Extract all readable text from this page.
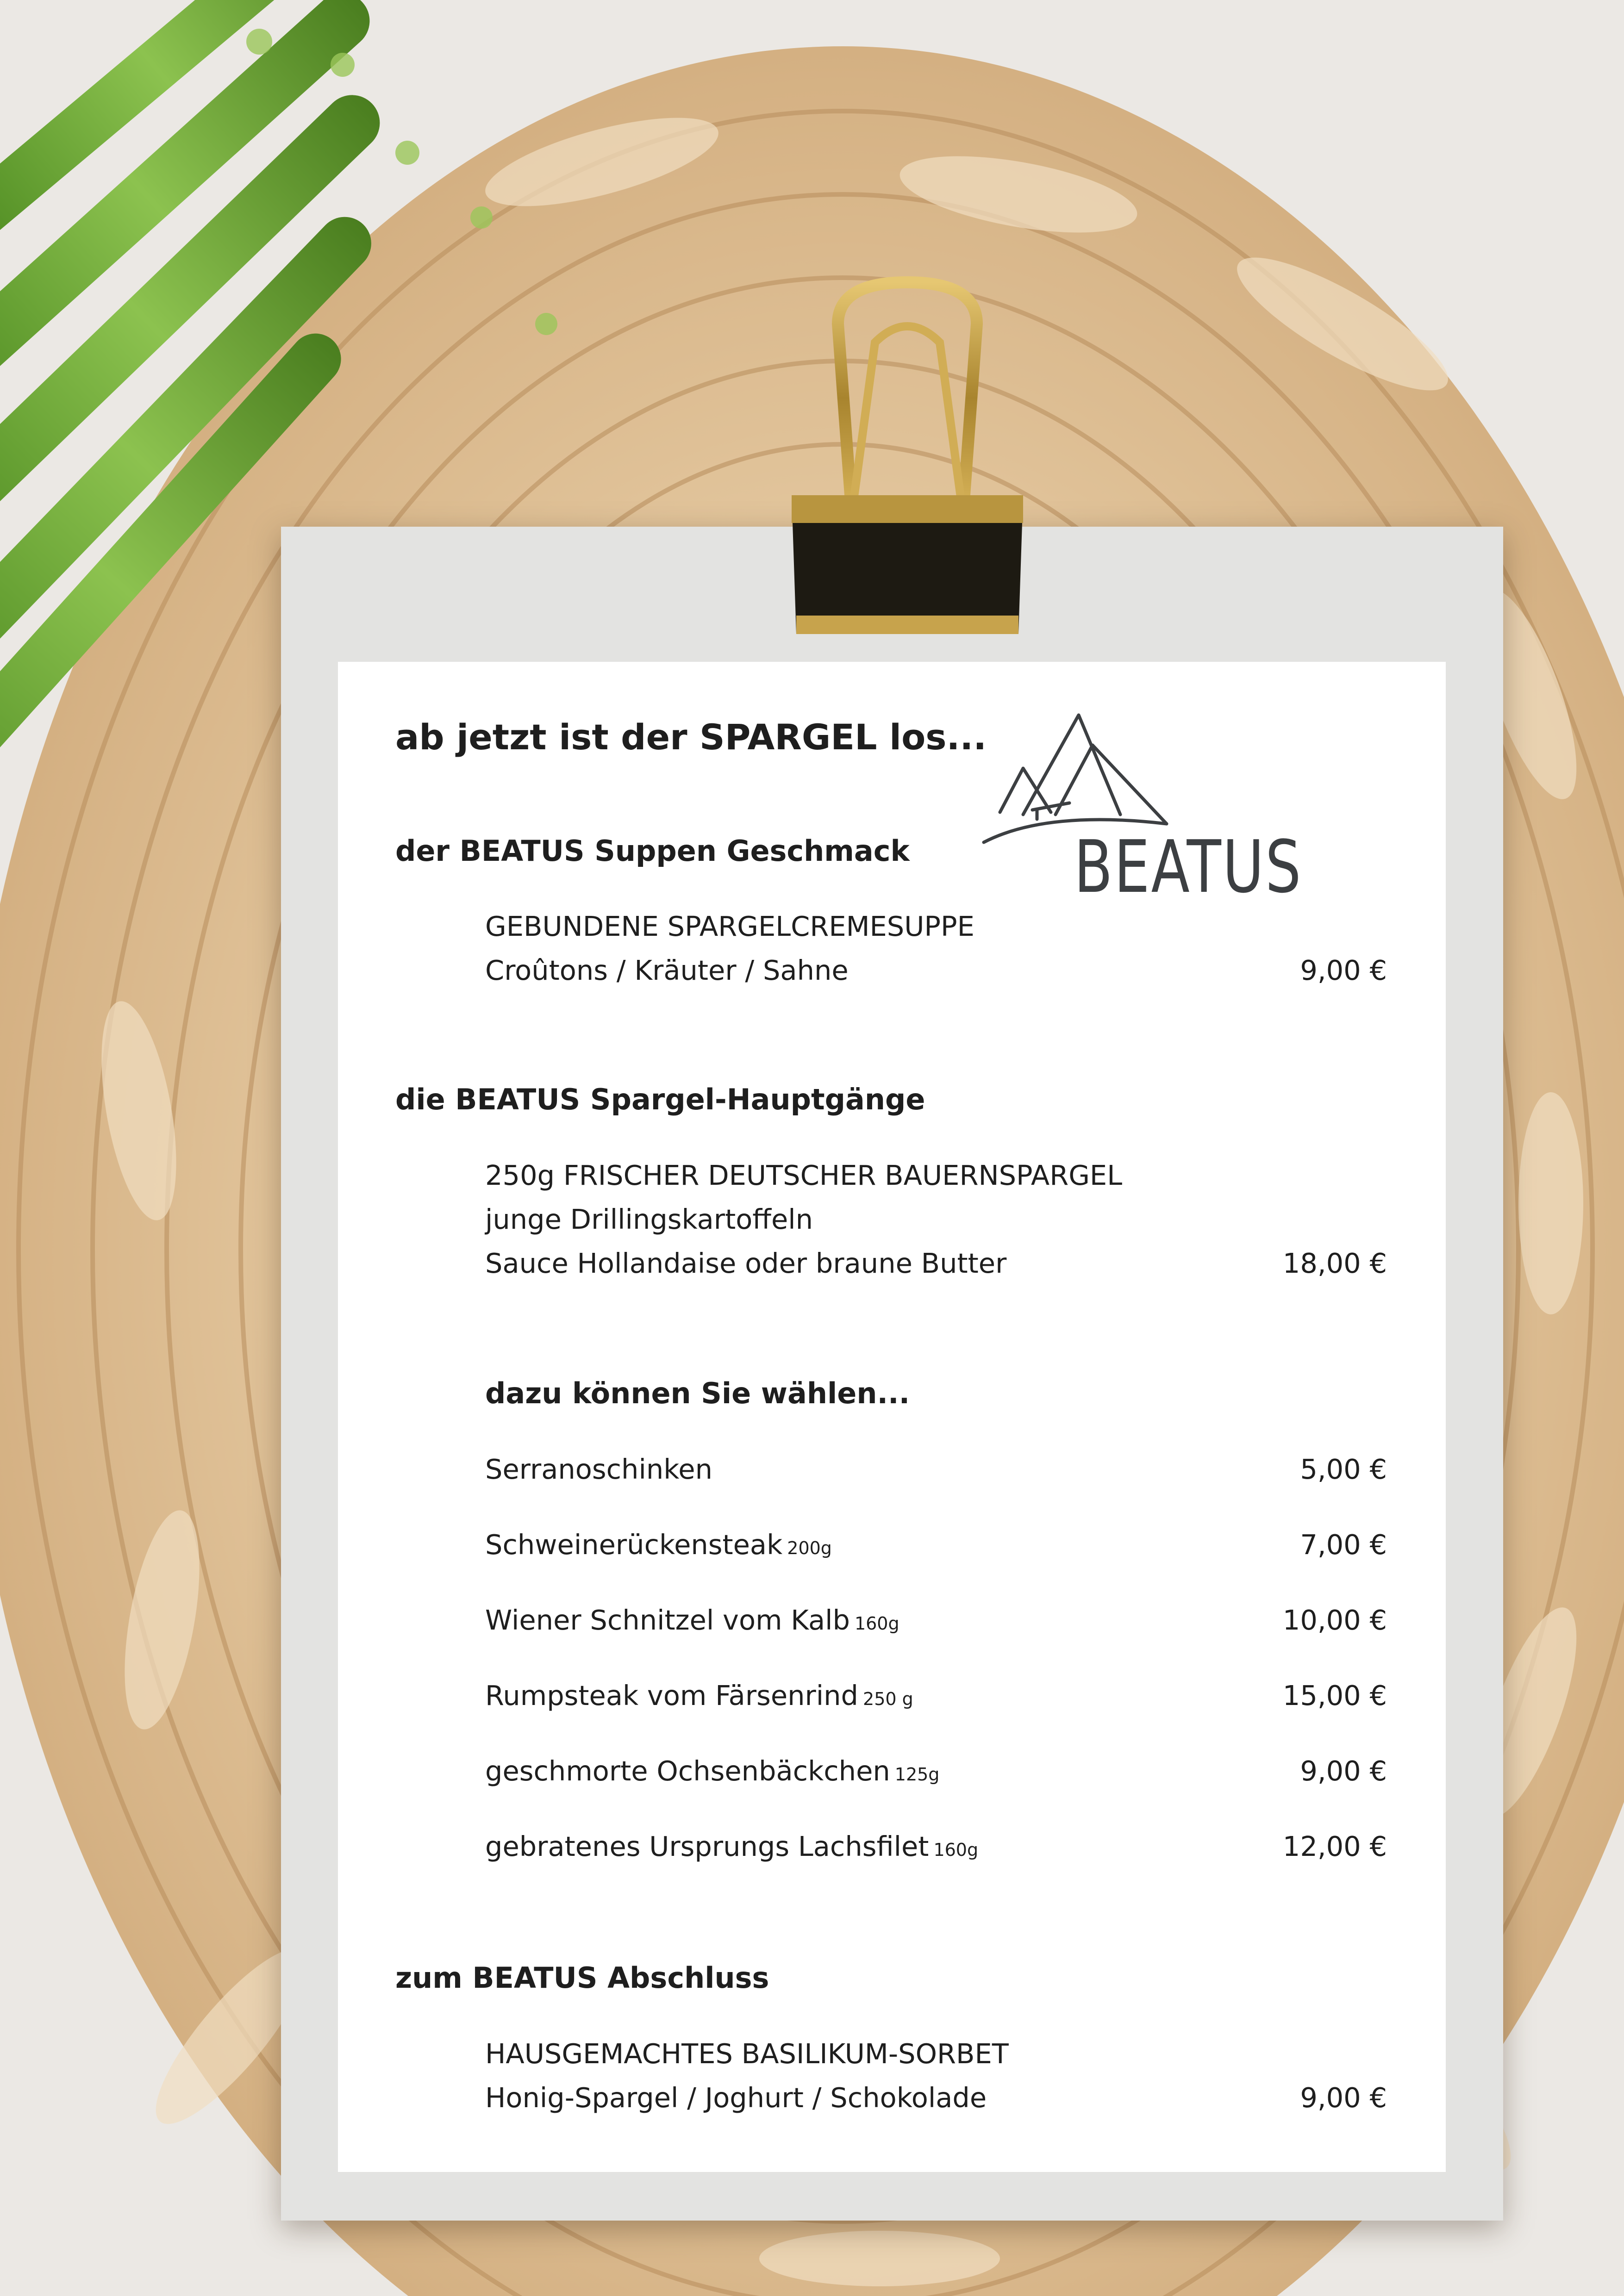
ab jetzt ist der SPARGEL los...
BEATUS
der BEATUS Suppen Geschmack
GEBUNDENE SPARGELCREMESUPPE
Croûtons / Kräuter / Sahne	9,00 €
die BEATUS Spargel-Hauptgänge
250g FRISCHER DEUTSCHER BAUERNSPARGEL
junge Drillingskartoffeln
Sauce Hollandaise oder braune Butter	18,00 €
dazu können Sie wählen...
Serranoschinken	5,00 €
Schweinerückensteak 200g	7,00 €
Wiener Schnitzel vom Kalb 160g	10,00 €
Rumpsteak vom Färsenrind 250 g	15,00 €
geschmorte Ochsenbäckchen 125g	9,00 €
gebratenes Ursprungs Lachsfilet 160g	12,00 €
zum BEATUS Abschluss
HAUSGEMACHTES BASILIKUM-SORBET
Honig-Spargel / Joghurt / Schokolade	9,00 €
